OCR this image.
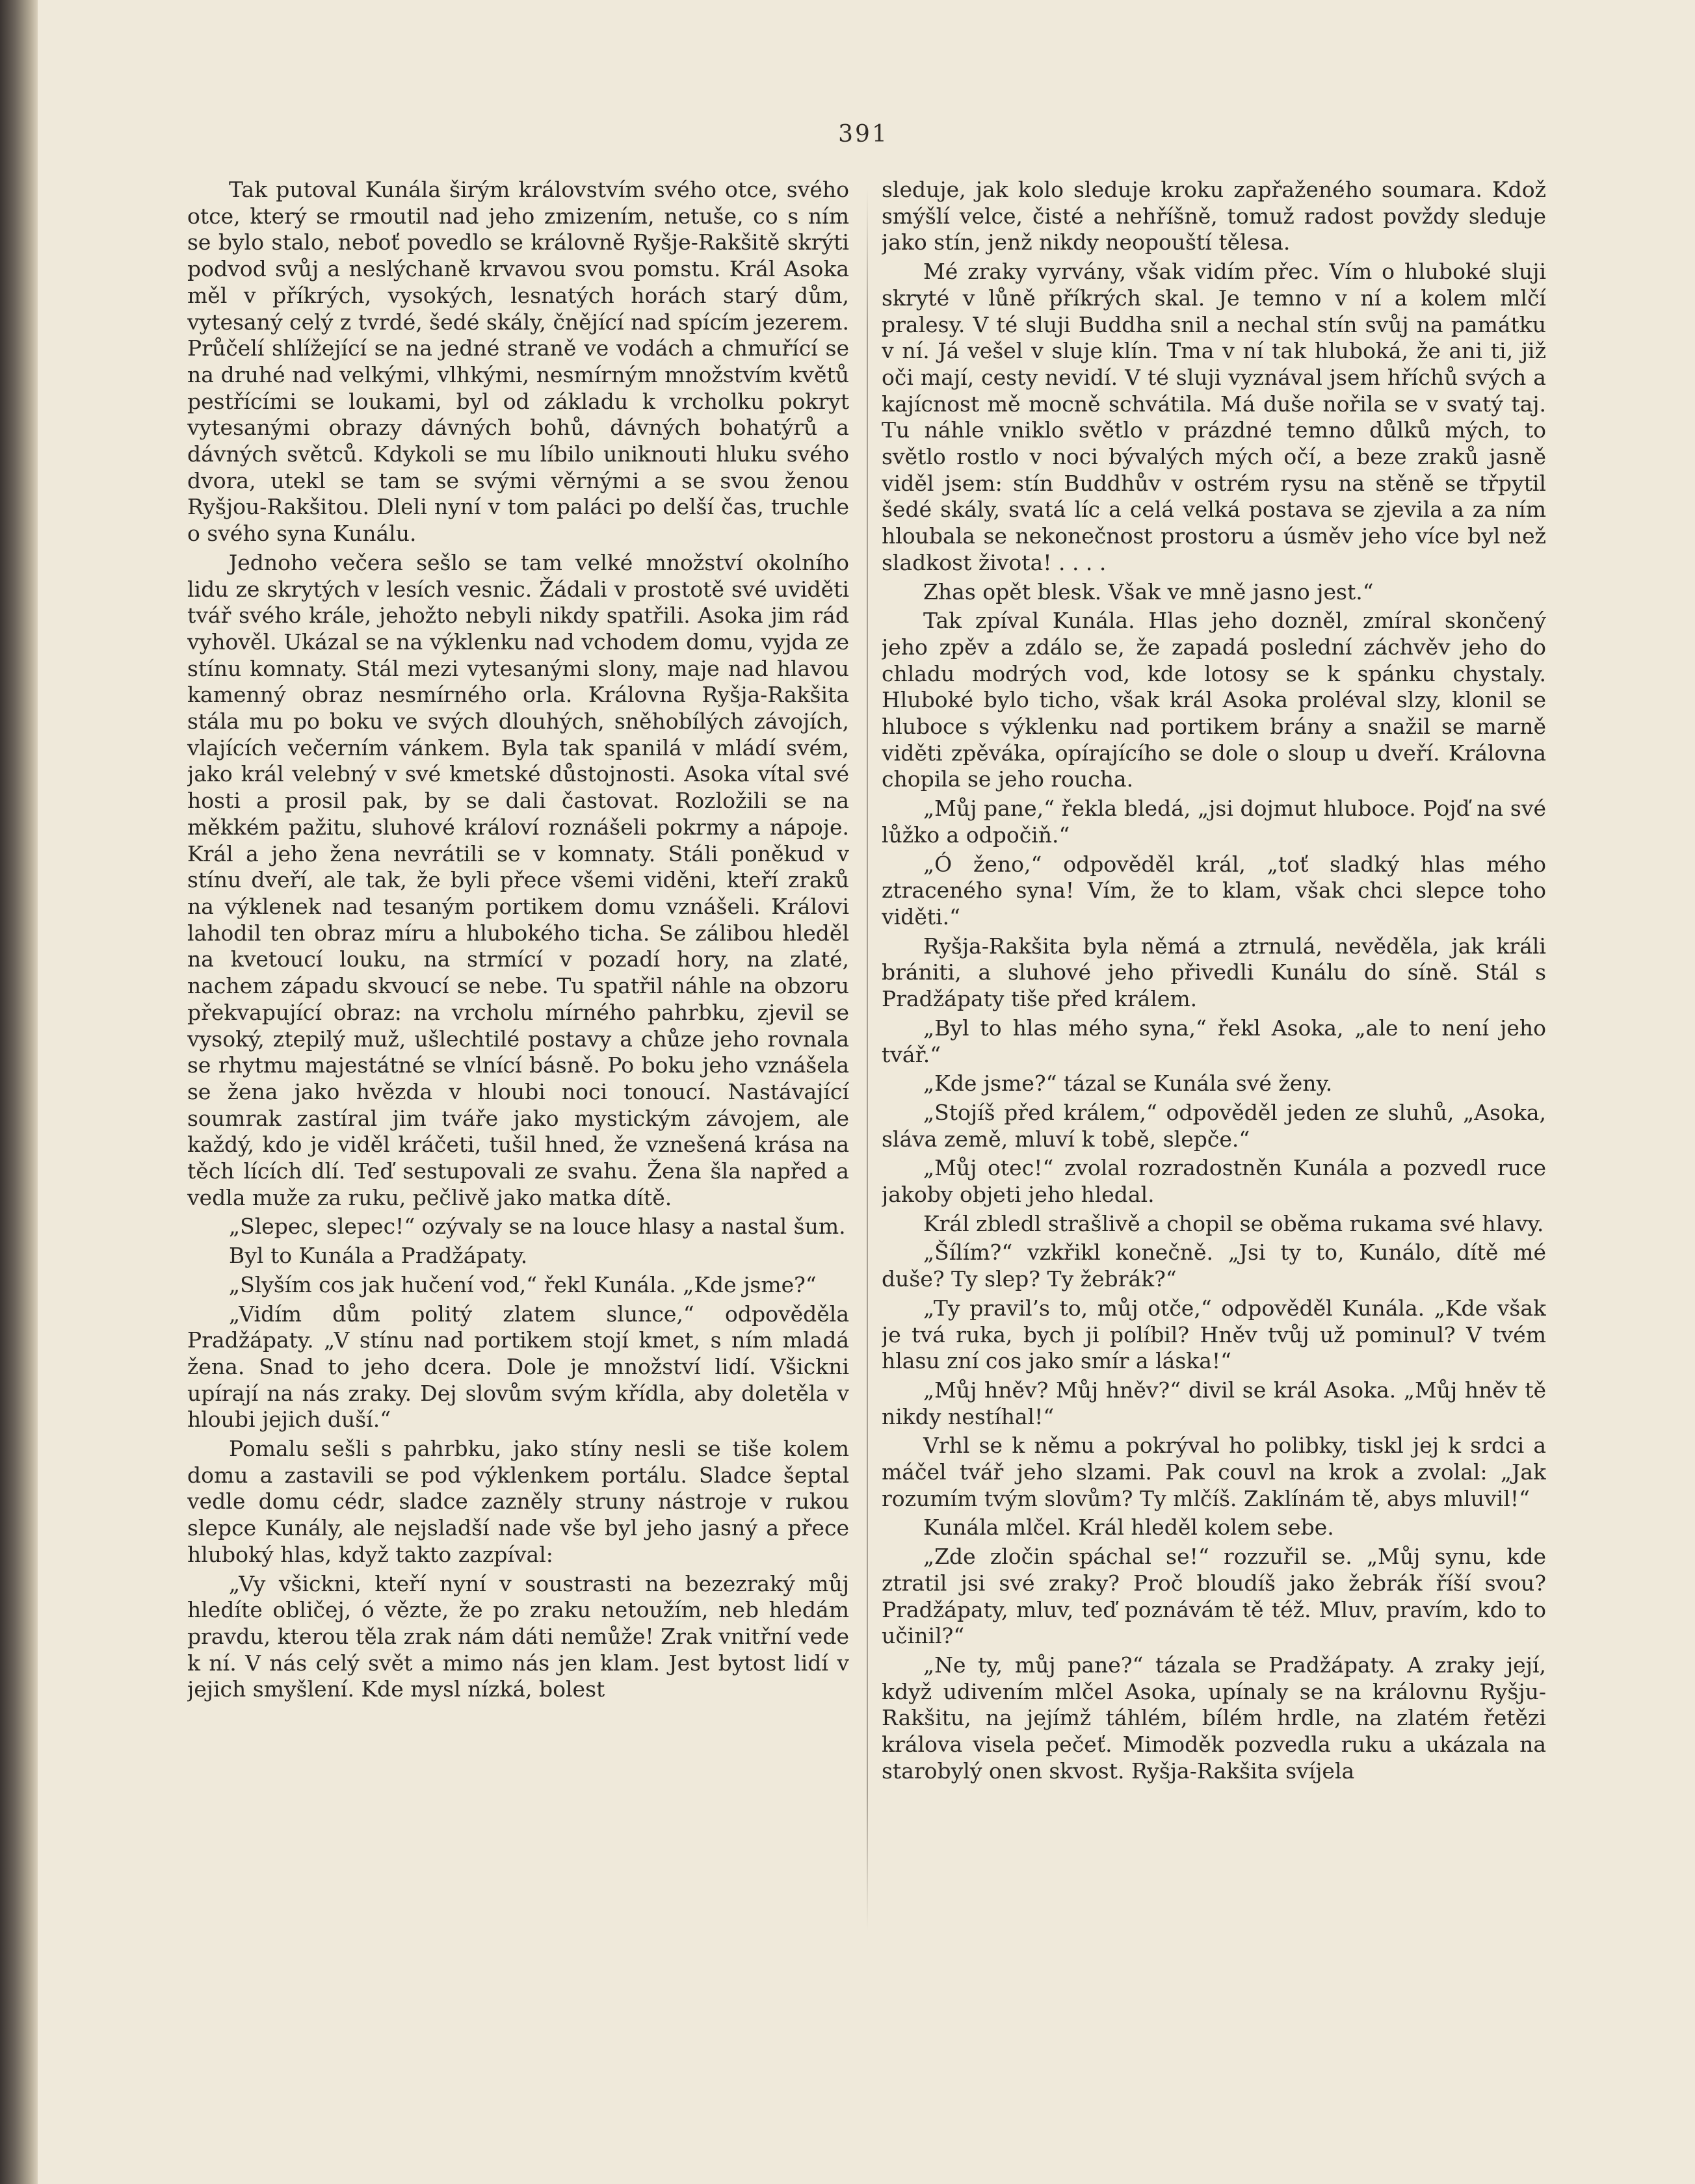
391

Tak putoval Kunála širým královstvím svého otce, svého otce, který se rmoutil nad jeho zmizením, netuše, co s ním se bylo stalo, neboť povedlo se královně Ryšje-Rakšitě skrýti podvod svůj a neslýchaně krvavou svou pomstu. Král Asoka měl v příkrých, vysokých, lesnatých horách starý dům, vytesaný celý z tvrdé, šedé skály, čnějící nad spícím jezerem. Průčelí shlížející se na jedné straně ve vodách a chmuřící se na druhé nad velkými, vlhkými, nesmírným množstvím květů pestřícími se loukami, byl od základu k vrcholku pokryt vytesanými obrazy dávných bohů, dávných bohatýrů a dávných světců. Kdykoli se mu líbilo uniknouti hluku svého dvora, utekl se tam se svými věrnými a se svou ženou Ryšjou-Rakšitou. Dleli nyní v tom paláci po delší čas, truchle o svého syna Kunálu.

Jednoho večera sešlo se tam velké množství okolního lidu ze skrytých v lesích vesnic. Žádali v prostotě své uviděti tvář svého krále, jehožto nebyli nikdy spatřili. Asoka jim rád vyhověl. Ukázal se na výklenku nad vchodem domu, vyjda ze stínu komnaty. Stál mezi vytesanými slony, maje nad hlavou kamenný obraz nesmírného orla. Královna Ryšja-Rakšita stála mu po boku ve svých dlouhých, sněhobílých závojích, vlajících večerním vánkem. Byla tak spanilá v mládí svém, jako král velebný v své kmetské důstojnosti. Asoka vítal své hosti a prosil pak, by se dali častovat. Rozložili se na měkkém pažitu, sluhové královí roznášeli pokrmy a nápoje. Král a jeho žena nevrátili se v komnaty. Stáli poněkud v stínu dveří, ale tak, že byli přece všemi viděni, kteří zraků na výklenek nad tesaným portikem domu vznášeli. Královi lahodil ten obraz míru a hlubokého ticha. Se zálibou hleděl na kvetoucí louku, na strmící v pozadí hory, na zlaté, nachem západu skvoucí se nebe. Tu spatřil náhle na obzoru překvapující obraz: na vrcholu mírného pahrbku, zjevil se vysoký, ztepilý muž, ušlechtilé postavy a chůze jeho rovnala se rhytmu majestátné se vlnící básně. Po boku jeho vznášela se žena jako hvězda v hloubi noci tonoucí. Nastávající soumrak zastíral jim tváře jako mystickým závojem, ale každý, kdo je viděl kráčeti, tušil hned, že vznešená krása na těch lících dlí. Teď sestupovali ze svahu. Žena šla napřed a vedla muže za ruku, pečlivě jako matka dítě.

„Slepec, slepec!“ ozývaly se na louce hlasy a nastal šum.

Byl to Kunála a Pradžápaty.

„Slyším cos jak hučení vod,“ řekl Kunála. „Kde jsme?“

„Vidím dům politý zlatem slunce,“ odpověděla Pradžápaty. „V stínu nad portikem stojí kmet, s ním mladá žena. Snad to jeho dcera. Dole je množství lidí. Všickni upírají na nás zraky. Dej slovům svým křídla, aby doletěla v hloubi jejich duší.“

Pomalu sešli s pahrbku, jako stíny nesli se tiše kolem domu a zastavili se pod výklenkem portálu. Sladce šeptal vedle domu cédr, sladce zazněly struny nástroje v rukou slepce Kunály, ale nejsladší nade vše byl jeho jasný a přece hluboký hlas, když takto zazpíval:

„Vy všickni, kteří nyní v soustrasti na bezezraký můj hledíte obličej, ó vězte, že po zraku netoužím, neb hledám pravdu, kterou těla zrak nám dáti nemůže! Zrak vnitřní vede k ní. V nás celý svět a mimo nás jen klam. Jest bytost lidí v jejich smyšlení. Kde mysl nízká, bolest

sleduje, jak kolo sleduje kroku zapřaženého soumara. Kdož smýšlí velce, čisté a nehříšně, tomuž radost povždy sleduje jako stín, jenž nikdy neopouští tělesa.

Mé zraky vyrvány, však vidím přec. Vím o hluboké sluji skryté v lůně příkrých skal. Je temno v ní a kolem mlčí pralesy. V té sluji Buddha snil a nechal stín svůj na památku v ní. Já vešel v sluje klín. Tma v ní tak hluboká, že ani ti, již oči mají, cesty nevidí. V té sluji vyznával jsem hříchů svých a kajícnost mě mocně schvátila. Má duše nořila se v svatý taj. Tu náhle vniklo světlo v prázdné temno důlků mých, to světlo rostlo v noci bývalých mých očí, a beze zraků jasně viděl jsem: stín Buddhův v ostrém rysu na stěně se třpytil šedé skály, svatá líc a celá velká postava se zjevila a za ním hloubala se nekonečnost prostoru a úsměv jeho více byl než sladkost života! . . . .

Zhas opět blesk. Však ve mně jasno jest.“

Tak zpíval Kunála. Hlas jeho dozněl, zmíral skončený jeho zpěv a zdálo se, že zapadá poslední záchvěv jeho do chladu modrých vod, kde lotosy se k spánku chystaly. Hluboké bylo ticho, však král Asoka proléval slzy, klonil se hluboce s výklenku nad portikem brány a snažil se marně viděti zpěváka, opírajícího se dole o sloup u dveří. Královna chopila se jeho roucha.

„Můj pane,“ řekla bledá, „jsi dojmut hluboce. Pojď na své lůžko a odpočiň.“

„Ó ženo,“ odpověděl král, „toť sladký hlas mého ztraceného syna! Vím, že to klam, však chci slepce toho viděti.“

Ryšja-Rakšita byla němá a ztrnulá, nevěděla, jak králi brániti, a sluhové jeho přivedli Kunálu do síně. Stál s Pradžápaty tiše před králem.

„Byl to hlas mého syna,“ řekl Asoka, „ale to není jeho tvář.“

„Kde jsme?“ tázal se Kunála své ženy.

„Stojíš před králem,“ odpověděl jeden ze sluhů, „Asoka, sláva země, mluví k tobě, slepče.“

„Můj otec!“ zvolal rozradostněn Kunála a pozvedl ruce jakoby objeti jeho hledal.

Král zbledl strašlivě a chopil se oběma rukama své hlavy.

„Šílím?“ vzkřikl konečně. „Jsi ty to, Kunálo, dítě mé duše? Ty slep? Ty žebrák?“

„Ty pravil’s to, můj otče,“ odpověděl Kunála. „Kde však je tvá ruka, bych ji políbil? Hněv tvůj už pominul? V tvém hlasu zní cos jako smír a láska!“

„Můj hněv? Můj hněv?“ divil se král Asoka. „Můj hněv tě nikdy nestíhal!“

Vrhl se k němu a pokrýval ho polibky, tiskl jej k srdci a máčel tvář jeho slzami. Pak couvl na krok a zvolal: „Jak rozumím tvým slovům? Ty mlčíš. Zaklínám tě, abys mluvil!“

Kunála mlčel. Král hleděl kolem sebe.

„Zde zločin spáchal se!“ rozzuřil se. „Můj synu, kde ztratil jsi své zraky? Proč bloudíš jako žebrák říší svou? Pradžápaty, mluv, teď poznávám tě též. Mluv, pravím, kdo to učinil?“

„Ne ty, můj pane?“ tázala se Pradžápaty. A zraky její, když udivením mlčel Asoka, upínaly se na královnu Ryšju-Rakšitu, na jejímž táhlém, bílém hrdle, na zlatém řetězi králova visela pečeť. Mimoděk pozvedla ruku a ukázala na starobylý onen skvost. Ryšja-Rakšita svíjela
